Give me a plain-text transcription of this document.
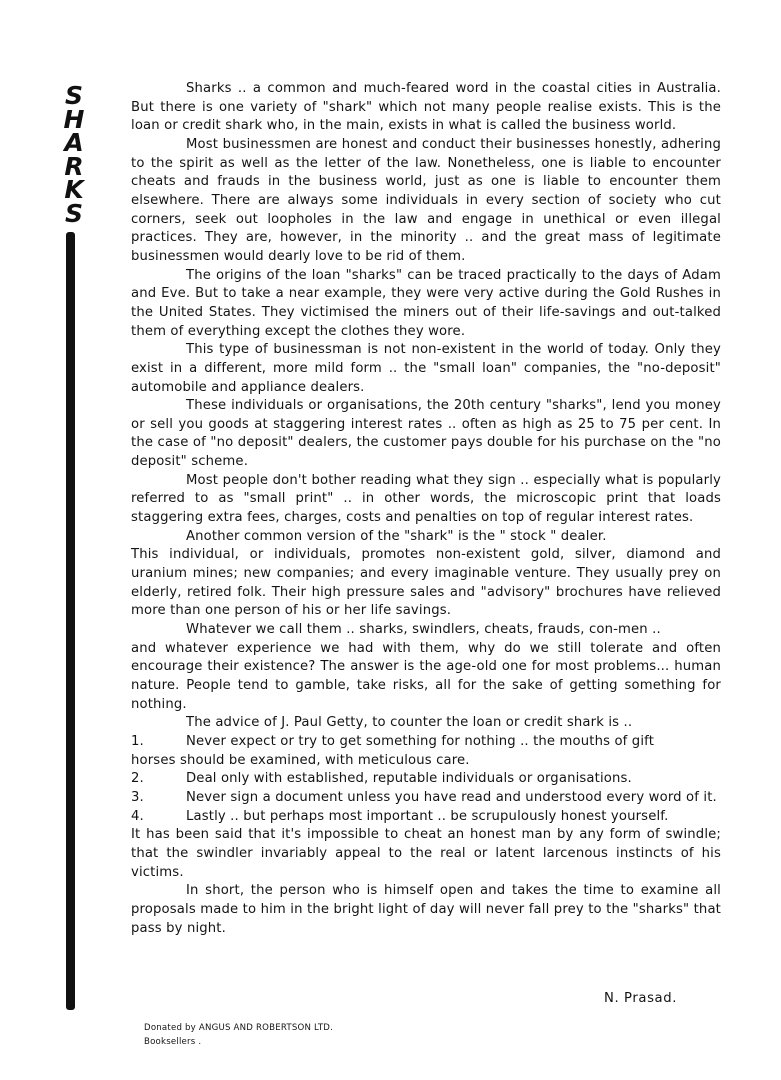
S
H
A
R
K
S

Sharks .. a common and much-feared word in the coastal cities in Australia. But there is one variety of "shark" which not many people realise exists. This is the loan or credit shark who, in the main, exists in what is called the business world.

Most businessmen are honest and conduct their businesses honestly, adhering to the spirit as well as the letter of the law. Nonetheless, one is liable to encounter cheats and frauds in the business world, just as one is liable to encounter them elsewhere. There are always some individuals in every section of society who cut corners, seek out loopholes in the law and engage in unethical or even illegal practices. They are, however, in the minority .. and the great mass of legitimate businessmen would dearly love to be rid of them.

The origins of the loan "sharks" can be traced practically to the days of Adam and Eve. But to take a near example, they were very active during the Gold Rushes in the United States. They victimised the miners out of their life-savings and out-talked them of everything except the clothes they wore.

This type of businessman is not non-existent in the world of today. Only they exist in a different, more mild form .. the "small loan" companies, the "no-deposit" automobile and appliance dealers.

These individuals or organisations, the 20th century "sharks", lend you money or sell you goods at staggering interest rates .. often as high as 25 to 75 per cent. In the case of "no deposit" dealers, the customer pays double for his purchase on the "no deposit" scheme.

Most people don't bother reading what they sign .. especially what is popularly referred to as "small print" .. in other words, the microscopic print that loads staggering extra fees, charges, costs and penalties on top of regular interest rates.

Another common version of the "shark" is the " stock " dealer.

This individual, or individuals, promotes non-existent gold, silver, diamond and uranium mines; new companies; and every imaginable venture. They usually prey on elderly, retired folk. Their high pressure sales and "advisory" brochures have relieved more than one person of his or her life savings.

Whatever we call them .. sharks, swindlers, cheats, frauds, con-men ..

and whatever experience we had with them, why do we still tolerate and often encourage their existence? The answer is the age-old one for most problems... human nature. People tend to gamble, take risks, all for the sake of getting something for nothing.

The advice of J. Paul Getty, to counter the loan or credit shark is ..

1.	Never expect or try to get something for nothing .. the mouths of gift

horses should be examined, with meticulous care.

2.	Deal only with established, reputable individuals or organisations.
3.	Never sign a document unless you have read and understood every word of it.
4.	Lastly .. but perhaps most important .. be scrupulously honest yourself.

It has been said that it's impossible to cheat an honest man by any form of swindle; that the swindler invariably appeal to the real or latent larcenous instincts of his victims.

In short, the person who is himself open and takes the time to examine all proposals made to him in the bright light of day will never fall prey to the "sharks" that pass by night.

N. Prasad.
Donated by ANGUS AND ROBERTSON LTD.
Booksellers .
